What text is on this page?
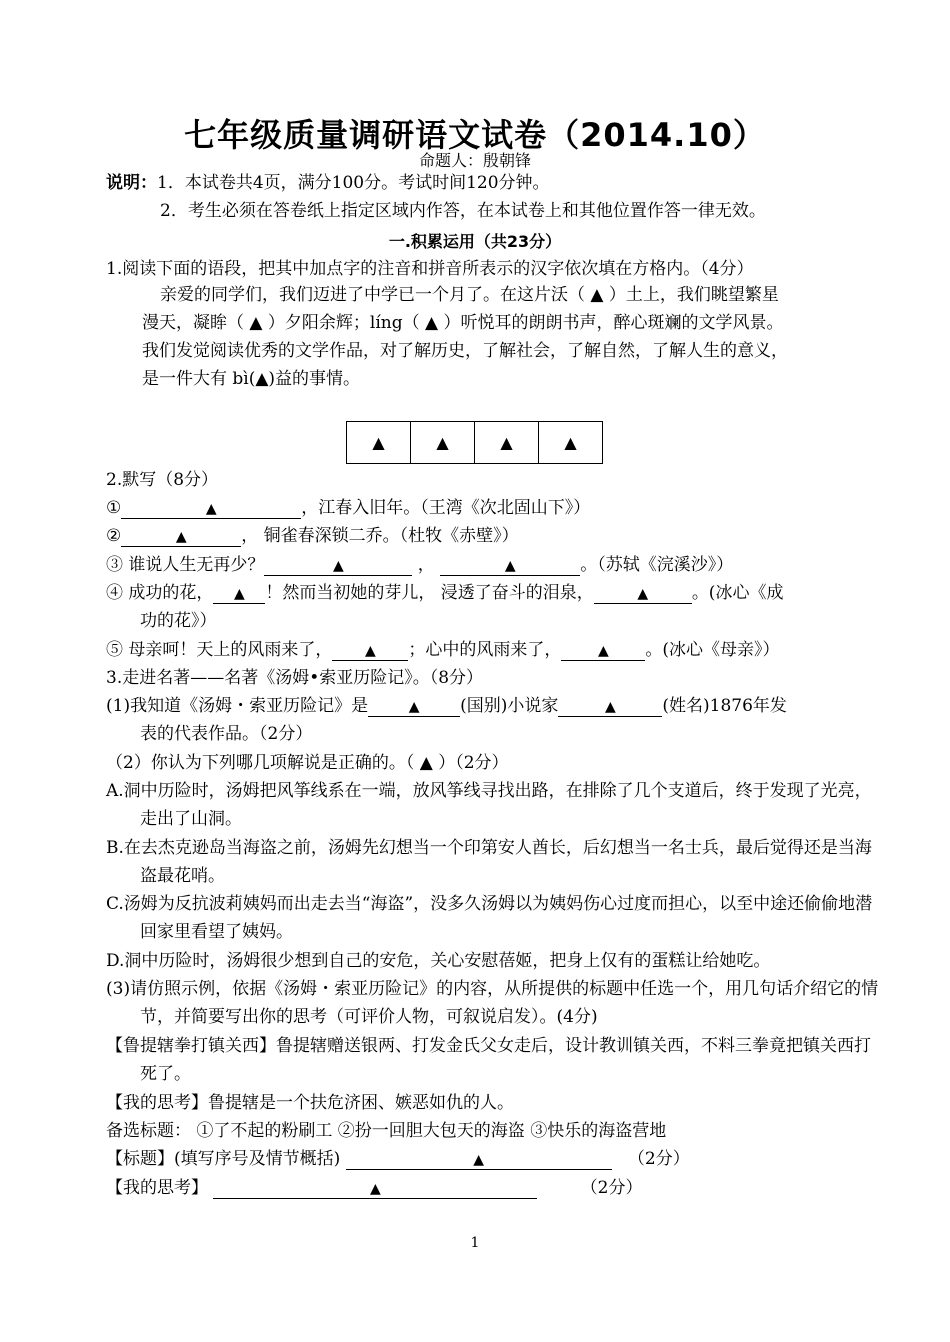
七年级质量调研语文试卷（2014.10）
命题人：殷朝锋
说明：1．本试卷共4页，满分100分。考试时间120分钟。
2．考生必须在答卷纸上指定区域内作答，在本试卷上和其他位置作答一律无效。
一.积累运用（共23分）
1.阅读下面的语段，把其中加点字的注音和拼音所表示的汉字依次填在方格内。（4分）
亲爱的同学们，我们迈进了中学已一个月了。在这片沃（ ▲ ）土上，我们眺望繁星
漫天，凝眸（ ▲ ）夕阳余辉；líng（ ▲ ）听悦耳的朗朗书声，醉心斑斓的文学风景。
我们发觉阅读优秀的文学作品，对了解历史，了解社会，了解自然，了解人生的意义，
是一件大有 bì(▲)益的事情。
▲	▲	▲	▲
2.默写（8分）
①	▲	，江春入旧年。（王湾《次北固山下》）
②	▲	， 铜雀春深锁二乔。（杜牧《赤壁》）
③ 谁说人生无再少？	▲	，	▲	。（苏轼《浣溪沙》）
④ 成功的花， ▲ ！然而当初她的芽儿， 浸透了奋斗的泪泉，	▲	。(冰心《成
功的花》）
⑤ 母亲呵！天上的风雨来了， ▲ ；心中的风雨来了，	▲ 。(冰心《母亲》）
3.走进名著——名著《汤姆•索亚历险记》。（8分）
(1)我知道《汤姆・索亚历险记》是	▲ (国别)小说家	▲	(姓名)1876年发
表的代表作品。（2分）
（2）你认为下列哪几项解说是正确的。（ ▲ ）（2分）
A.洞中历险时，汤姆把风筝线系在一端，放风筝线寻找出路，在排除了几个支道后，终于发现了光亮，走出了山洞。
B.在去杰克逊岛当海盗之前，汤姆先幻想当一个印第安人酋长，后幻想当一名士兵，最后觉得还是当海盗最花哨。
C.汤姆为反抗波莉姨妈而出走去当“海盗”，没多久汤姆以为姨妈伤心过度而担心，以至中途还偷偷地潜回家里看望了姨妈。
D.洞中历险时，汤姆很少想到自己的安危，关心安慰蓓姬，把身上仅有的蛋糕让给她吃。
(3)请仿照示例，依据《汤姆・索亚历险记》的内容，从所提供的标题中任选一个，用几句话介绍它的情节，并简要写出你的思考（可评价人物，可叙说启发）。(4分)
【鲁提辖拳打镇关西】鲁提辖赠送银两、打发金氏父女走后，设计教训镇关西，不料三拳竟把镇关西打死了。
【我的思考】鲁提辖是一个扶危济困、嫉恶如仇的人。
备选标题： ①了不起的粉刷工 ②扮一回胆大包天的海盗 ③快乐的海盗营地
【标题】(填写序号及情节概括)	▲	（2分）
【我的思考】	▲	（2分）
1
